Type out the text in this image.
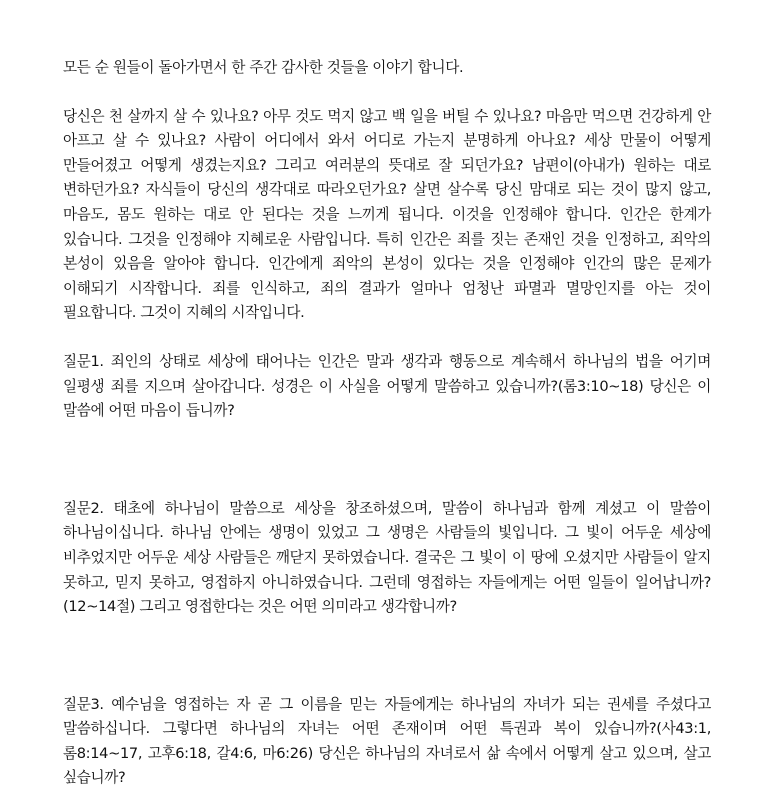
모든 순 원들이 돌아가면서 한 주간 감사한 것들을 이야기 합니다.

당신은 천 살까지 살 수 있나요? 아무 것도 먹지 않고 백 일을 버틸 수 있나요? 마음만 먹으면 건강하게 안 아프고 살 수 있나요? 사람이 어디에서 와서 어디로 가는지 분명하게 아나요? 세상 만물이 어떻게 만들어졌고 어떻게 생겼는지요? 그리고 여러분의 뜻대로 잘 되던가요? 남편이(아내가) 원하는 대로 변하던가요? 자식들이 당신의 생각대로 따라오던가요? 살면 살수록 당신 맘대로 되는 것이 많지 않고, 마음도, 몸도 원하는 대로 안 된다는 것을 느끼게 됩니다. 이것을 인정해야 합니다. 인간은 한계가 있습니다. 그것을 인정해야 지혜로운 사람입니다. 특히 인간은 죄를 짓는 존재인 것을 인정하고, 죄악의 본성이 있음을 알아야 합니다. 인간에게 죄악의 본성이 있다는 것을 인정해야 인간의 많은 문제가 이해되기 시작합니다. 죄를 인식하고, 죄의 결과가 얼마나 엄청난 파멸과 멸망인지를 아는 것이 필요합니다. 그것이 지혜의 시작입니다.

질문1. 죄인의 상태로 세상에 태어나는 인간은 말과 생각과 행동으로 계속해서 하나님의 법을 어기며 일평생 죄를 지으며 살아갑니다. 성경은 이 사실을 어떻게 말씀하고 있습니까?(롬3:10~18) 당신은 이 말씀에 어떤 마음이 듭니까?

질문2. 태초에 하나님이 말씀으로 세상을 창조하셨으며, 말씀이 하나님과 함께 계셨고 이 말씀이 하나님이십니다. 하나님 안에는 생명이 있었고 그 생명은 사람들의 빛입니다. 그 빛이 어두운 세상에 비추었지만 어두운 세상 사람들은 깨닫지 못하였습니다. 결국은 그 빛이 이 땅에 오셨지만 사람들이 알지 못하고, 믿지 못하고, 영접하지 아니하였습니다. 그런데 영접하는 자들에게는 어떤 일들이 일어납니까?(12~14절) 그리고 영접한다는 것은 어떤 의미라고 생각합니까?

질문3. 예수님을 영접하는 자 곧 그 이름을 믿는 자들에게는 하나님의 자녀가 되는 권세를 주셨다고 말씀하십니다. 그렇다면 하나님의 자녀는 어떤 존재이며 어떤 특권과 복이 있습니까?(사43:1, 롬8:14~17, 고후6:18, 갈4:6, 마6:26) 당신은 하나님의 자녀로서 삶 속에서 어떻게 살고 있으며, 살고 싶습니까?
